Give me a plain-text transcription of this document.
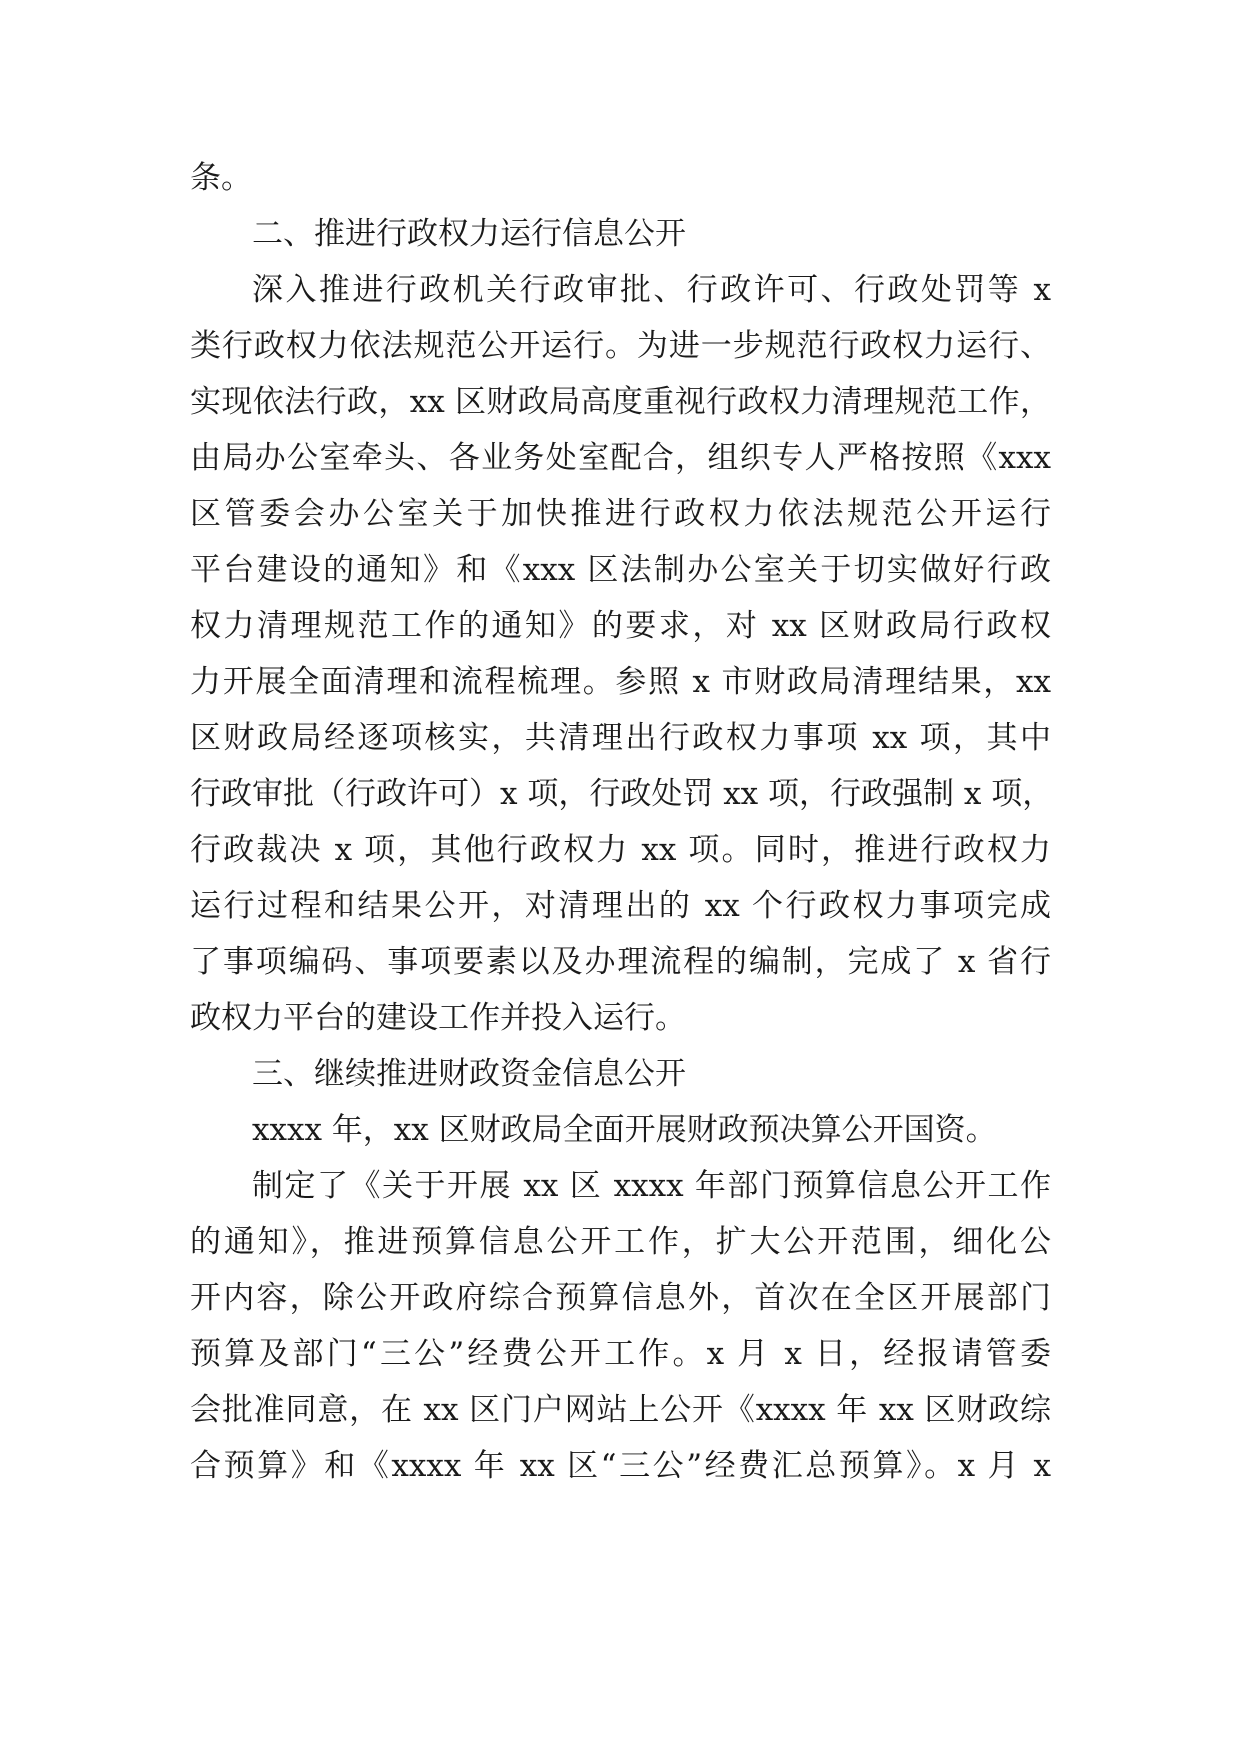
条。
二、推进行政权力运行信息公开
深入推进行政机关行政审批、行政许可、行政处罚等 x
类行政权力依法规范公开运行。为进一步规范行政权力运行、
实现依法行政，xx 区财政局高度重视行政权力清理规范工作，
由局办公室牵头、各业务处室配合，组织专人严格按照《xxx
区管委会办公室关于加快推进行政权力依法规范公开运行
平台建设的通知》和《xxx 区法制办公室关于切实做好行政
权力清理规范工作的通知》的要求，对 xx 区财政局行政权
力开展全面清理和流程梳理。参照 x 市财政局清理结果，xx
区财政局经逐项核实，共清理出行政权力事项 xx 项，其中
行政审批（行政许可）x 项，行政处罚 xx 项，行政强制 x 项，
行政裁决 x 项，其他行政权力 xx 项。同时，推进行政权力
运行过程和结果公开，对清理出的 xx 个行政权力事项完成
了事项编码、事项要素以及办理流程的编制，完成了 x 省行
政权力平台的建设工作并投入运行。
三、继续推进财政资金信息公开
xxxx 年，xx 区财政局全面开展财政预决算公开国资。
制定了《关于开展 xx 区 xxxx 年部门预算信息公开工作
的通知》，推进预算信息公开工作，扩大公开范围，细化公
开内容，除公开政府综合预算信息外，首次在全区开展部门
预算及部门“三公”经费公开工作。x 月 x 日，经报请管委
会批准同意，在 xx 区门户网站上公开《xxxx 年 xx 区财政综
合预算》和《xxxx 年 xx 区“三公”经费汇总预算》。x 月 x
